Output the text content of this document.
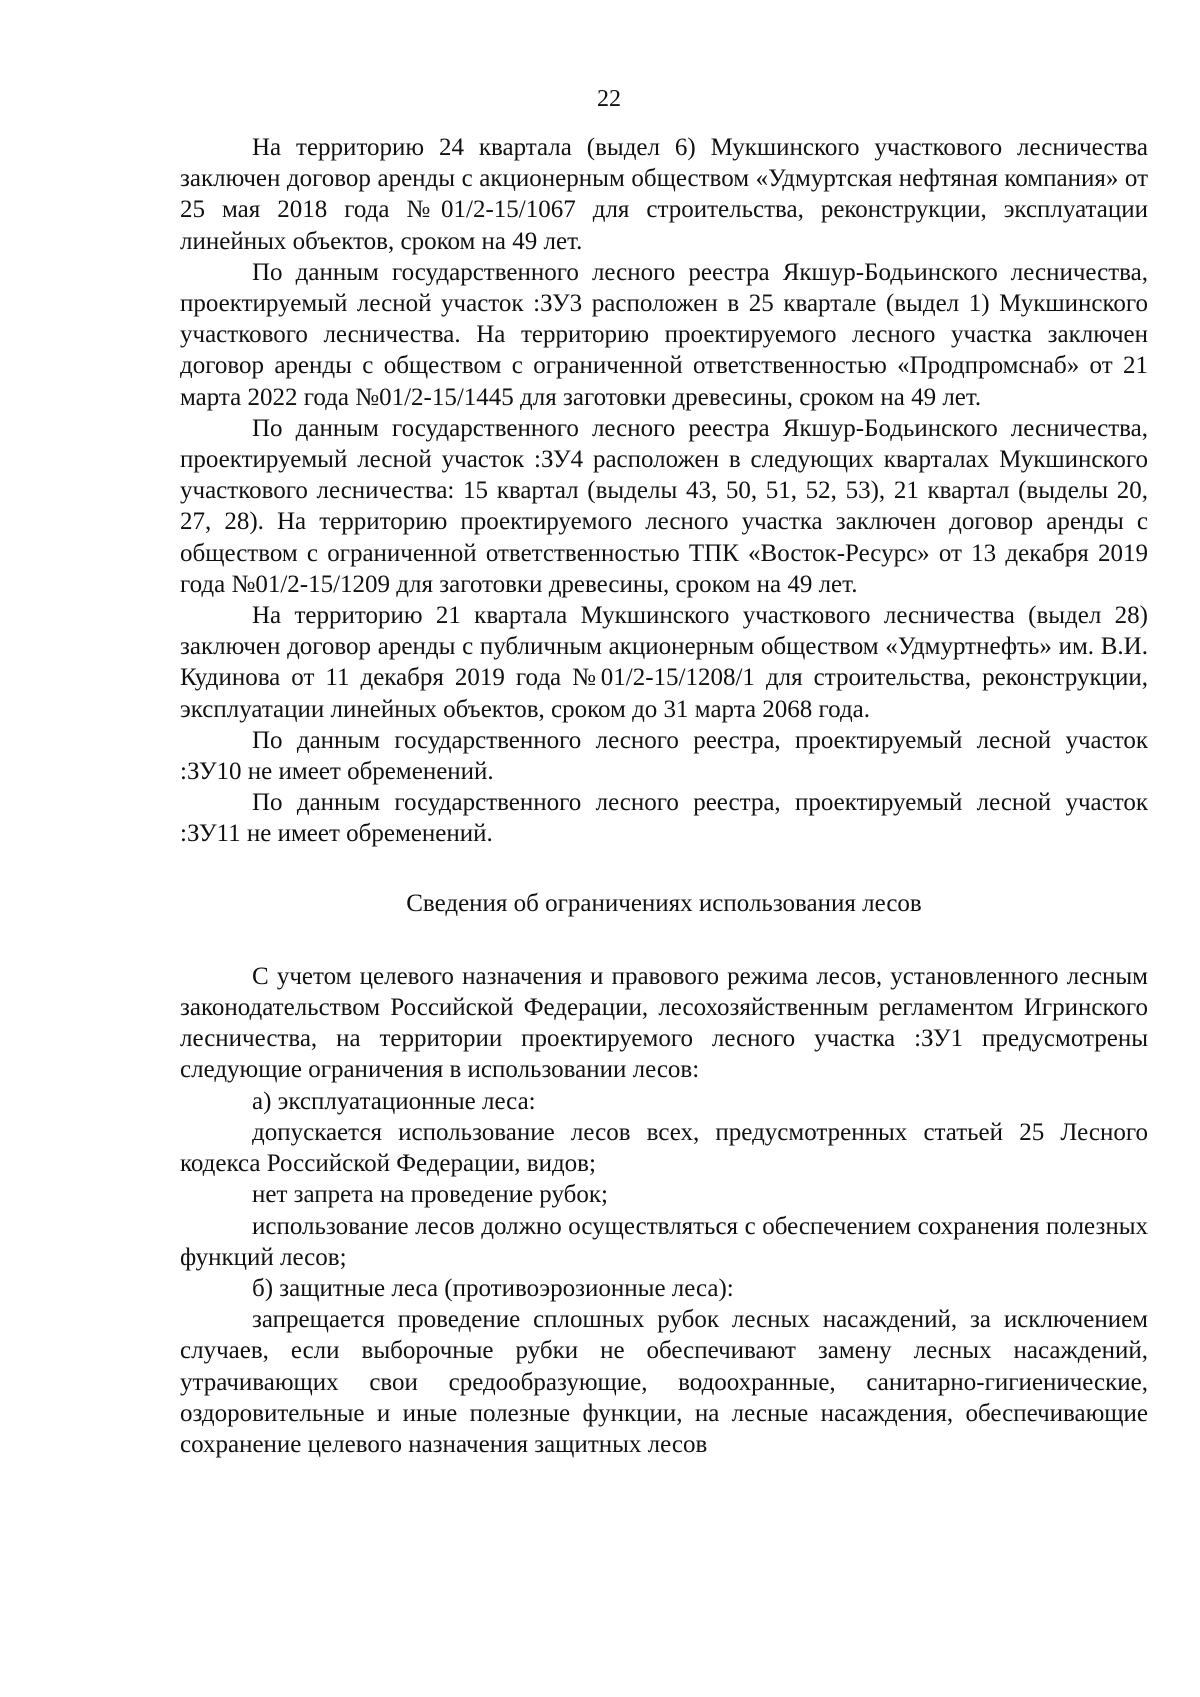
22

На территорию 24 квартала (выдел 6) Мукшинского участкового лесничества заключен договор аренды с акционерным обществом «Удмуртская нефтяная компания» от 25 мая 2018 года №01/2-15/1067 для строительства, реконструкции, эксплуатации линейных объектов, сроком на 49 лет.

По данным государственного лесного реестра Якшур-Бодьинского лесничества, проектируемый лесной участок :ЗУ3 расположен в 25 квартале (выдел 1) Мукшинского участкового лесничества. На территорию проектируемого лесного участка заключен договор аренды с обществом с ограниченной ответственностью «Продпромснаб» от 21 марта 2022 года №01/2-15/1445 для заготовки древесины, сроком на 49 лет.

По данным государственного лесного реестра Якшур-Бодьинского лесничества, проектируемый лесной участок :ЗУ4 расположен в следующих кварталах Мукшинского участкового лесничества: 15 квартал (выделы 43, 50, 51, 52, 53), 21 квартал (выделы 20, 27, 28). На территорию проектируемого лесного участка заключен договор аренды с обществом с ограниченной ответственностью ТПК «Восток-Ресурс» от 13 декабря 2019 года №01/2-15/1209 для заготовки древесины, сроком на 49 лет.

На территорию 21 квартала Мукшинского участкового лесничества (выдел 28) заключен договор аренды с публичным акционерным обществом «Удмуртнефть» им. В.И. Кудинова от 11 декабря 2019 года №01/2-15/1208/1 для строительства, реконструкции, эксплуатации линейных объектов, сроком до 31 марта 2068 года.

По данным государственного лесного реестра, проектируемый лесной участок :ЗУ10 не имеет обременений.

По данным государственного лесного реестра, проектируемый лесной участок :ЗУ11 не имеет обременений.

Сведения об ограничениях использования лесов

С учетом целевого назначения и правового режима лесов, установленного лесным законодательством Российской Федерации, лесохозяйственным регламентом Игринского лесничества, на территории проектируемого лесного участка :ЗУ1 предусмотрены следующие ограничения в использовании лесов:

а) эксплуатационные леса:

допускается использование лесов всех, предусмотренных статьей 25 Лесного кодекса Российской Федерации, видов;

нет запрета на проведение рубок;

использование лесов должно осуществляться с обеспечением сохранения полезных функций лесов;

б) защитные леса (противоэрозионные леса):

запрещается проведение сплошных рубок лесных насаждений, за исключением случаев, если выборочные рубки не обеспечивают замену лесных насаждений, утрачивающих свои средообразующие, водоохранные, санитарно-гигиенические, оздоровительные и иные полезные функции, на лесные насаждения, обеспечивающие сохранение целевого назначения защитных лесов
